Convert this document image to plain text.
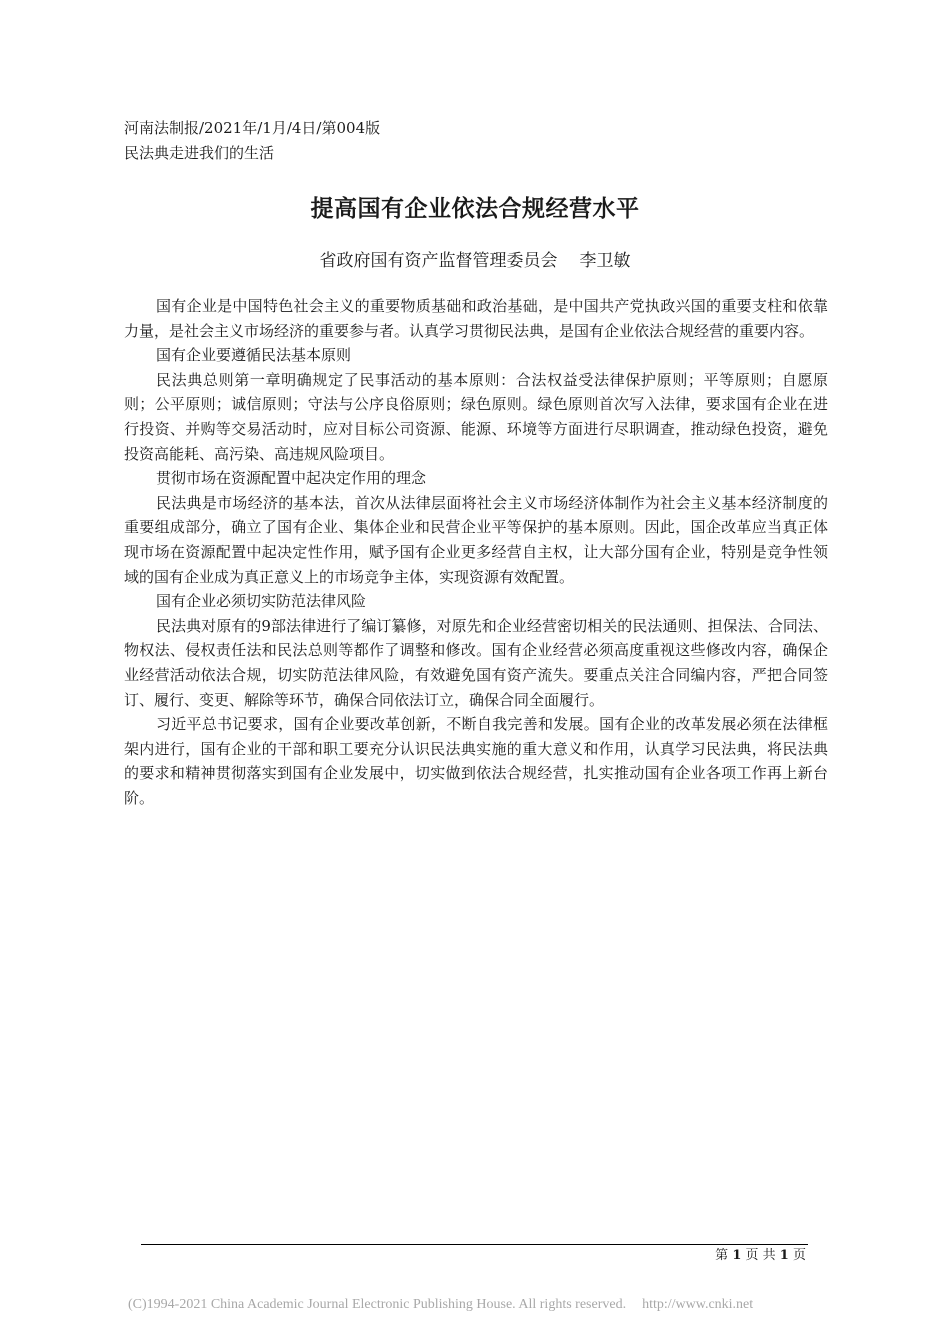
河南法制报/2021年/1月/4日/第004版
民法典走进我们的生活
提高国有企业依法合规经营水平
省政府国有资产监督管理委员会 李卫敏

国有企业是中国特色社会主义的重要物质基础和政治基础，是中国共产党执政兴国的重要支柱和依靠力量，是社会主义市场经济的重要参与者。认真学习贯彻民法典，是国有企业依法合规经营的重要内容。

国有企业要遵循民法基本原则

民法典总则第一章明确规定了民事活动的基本原则：合法权益受法律保护原则；平等原则；自愿原则；公平原则；诚信原则；守法与公序良俗原则；绿色原则。绿色原则首次写入法律，要求国有企业在进行投资、并购等交易活动时，应对目标公司资源、能源、环境等方面进行尽职调查，推动绿色投资，避免投资高能耗、高污染、高违规风险项目。

贯彻市场在资源配置中起决定作用的理念

民法典是市场经济的基本法，首次从法律层面将社会主义市场经济体制作为社会主义基本经济制度的重要组成部分，确立了国有企业、集体企业和民营企业平等保护的基本原则。因此，国企改革应当真正体现市场在资源配置中起决定性作用，赋予国有企业更多经营自主权，让大部分国有企业，特别是竞争性领域的国有企业成为真正意义上的市场竞争主体，实现资源有效配置。

国有企业必须切实防范法律风险

民法典对原有的9部法律进行了编订纂修，对原先和企业经营密切相关的民法通则、担保法、合同法、物权法、侵权责任法和民法总则等都作了调整和修改。国有企业经营必须高度重视这些修改内容，确保企业经营活动依法合规，切实防范法律风险，有效避免国有资产流失。要重点关注合同编内容，严把合同签订、履行、变更、解除等环节，确保合同依法订立，确保合同全面履行。

习近平总书记要求，国有企业要改革创新，不断自我完善和发展。国有企业的改革发展必须在法律框架内进行，国有企业的干部和职工要充分认识民法典实施的重大意义和作用，认真学习民法典，将民法典的要求和精神贯彻落实到国有企业发展中，切实做到依法合规经营，扎实推动国有企业各项工作再上新台阶。

第 1 页 共 1 页
(C)1994-2021 China Academic Journal Electronic Publishing House. All rights reserved. http://www.cnki.net
